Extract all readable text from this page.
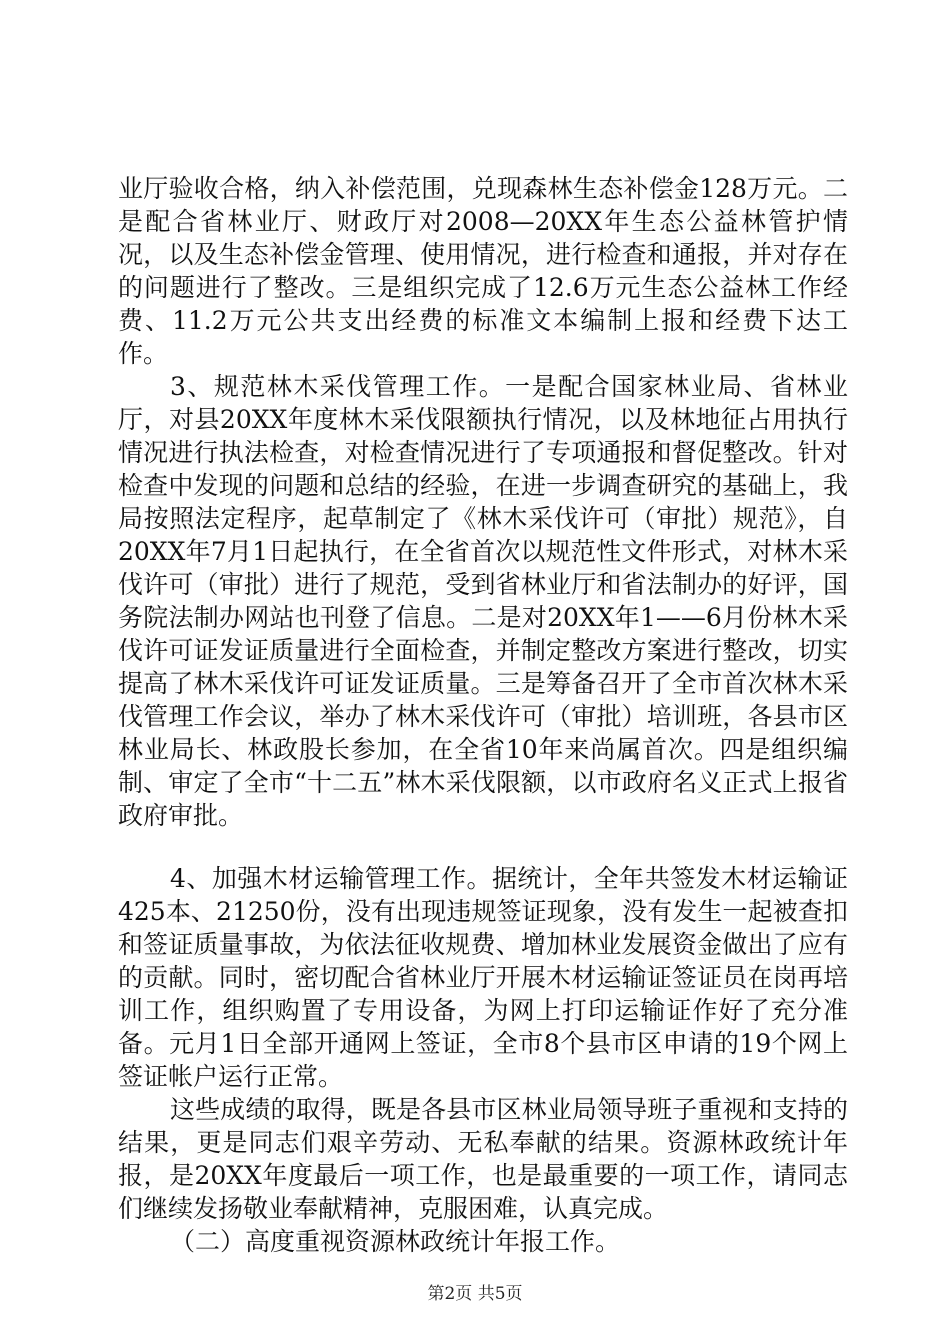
业厅验收合格，纳入补偿范围，兑现森林生态补偿金128万元。二是配合省林业厅、财政厅对2008—20XX年生态公益林管护情况，以及生态补偿金管理、使用情况，进行检查和通报，并对存在的问题进行了整改。三是组织完成了12.6万元生态公益林工作经费、11.2万元公共支出经费的标准文本编制上报和经费下达工作。

3、规范林木采伐管理工作。一是配合国家林业局、省林业厅，对县20XX年度林木采伐限额执行情况，以及林地征占用执行情况进行执法检查，对检查情况进行了专项通报和督促整改。针对检查中发现的问题和总结的经验，在进一步调查研究的基础上，我局按照法定程序，起草制定了《林木采伐许可（审批）规范》，自20XX年7月1日起执行，在全省首次以规范性文件形式，对林木采伐许可（审批）进行了规范，受到省林业厅和省法制办的好评，国务院法制办网站也刊登了信息。二是对20XX年1——6月份林木采伐许可证发证质量进行全面检查，并制定整改方案进行整改，切实提高了林木采伐许可证发证质量。三是筹备召开了全市首次林木采伐管理工作会议，举办了林木采伐许可（审批）培训班，各县市区林业局长、林政股长参加，在全省10年来尚属首次。四是组织编制、审定了全市“十二五”林木采伐限额，以市政府名义正式上报省政府审批。

4、加强木材运输管理工作。据统计，全年共签发木材运输证425本、21250份，没有出现违规签证现象，没有发生一起被查扣和签证质量事故，为依法征收规费、增加林业发展资金做出了应有的贡献。同时，密切配合省林业厅开展木材运输证签证员在岗再培训工作，组织购置了专用设备，为网上打印运输证作好了充分准备。元月1日全部开通网上签证，全市8个县市区申请的19个网上签证帐户运行正常。

这些成绩的取得，既是各县市区林业局领导班子重视和支持的结果，更是同志们艰辛劳动、无私奉献的结果。资源林政统计年报，是20XX年度最后一项工作，也是最重要的一项工作，请同志们继续发扬敬业奉献精神，克服困难，认真完成。

（二）高度重视资源林政统计年报工作。

第2页 共5页
